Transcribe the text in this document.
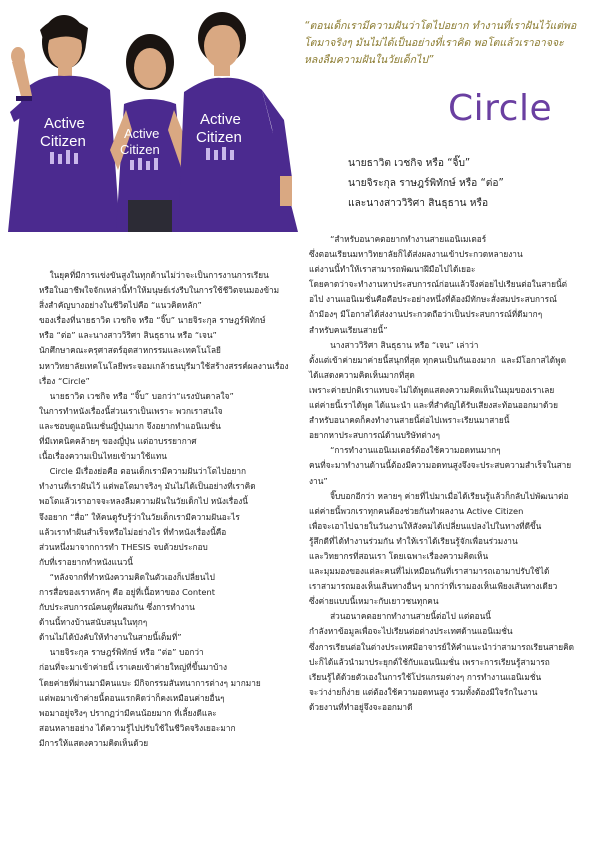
Active
Citizen	Active
Citizen
Active
Citizen
“ตอนเด็กเรามีความฝันว่าโตไปอยาก ทำงานที่เราฝันไว้แต่พอโตมาจริงๆ มันไม่ได้เป็นอย่างที่เราคิด พอโตแล้วเราอาจจะหลงลืมความฝันในวัยเด็กไป”
Circle
นายธาวิต เวชกิจ หรือ “จิ๊บ”
นายจิระกุล ราษฎร์พิทักษ์ หรือ “ต่อ”
และนางสาววิริศา สินธุธาน หรือ
ในยุคที่มีการแข่งขันสูงในทุกด้านไม่ว่าจะเป็นการงานการเรียน
หรือในอาชีพใจจักเหล่านี้ทำให้มนุษย์เร่งรีบในการใช้ชีวิตจนมองข้าม
สิ่งสำคัญบางอย่างในชีวิตไปคือ “แนวคิดหลัก”
ของเรื่องที่นายธาวิต เวชกิจ หรือ “จิ๊บ” นายจิระกุล ราษฎร์พิทักษ์
หรือ “ต่อ” และนางสาววิริศา สินธุธาน หรือ “เจน”
นักศึกษาคณะครุศาสตร์อุตสาหกรรมและเทคโนโลยี
มหาวิทยาลัยเทคโนโลยีพระจอมเกล้าธนบุรีมาใช้สร้างสรรค์ผลงานเรื่อง
เรื่อง “Circle”
นายธาวิต เวชกิจ หรือ “จิ๊บ” บอกว่า“แรงบันดาลใจ”
ในการทำหนังเรื่องนี้ส่วนเราเป็นเพราะ พวกเราสนใจ
และชอบดูแอนิเมชั่นญี่ปุ่นมาก จึงอยากทำแอนิเมชั่น
ที่มีเทคนิคคล้ายๆ ของญี่ปุ่น แต่อาบรรยากาศ
เนื้อเรื่องความเป็นไทยเข้ามาใช้แทน
Circle มีเรื่องย่อคือ ตอนเด็กเรามีความฝันว่าโตไปอยาก
ทำงานที่เราฝันไว้ แต่พอโตมาจริงๆ มันไม่ได้เป็นอย่างที่เราคิด
พอโตแล้วเราอาจจะหลงลืมความฝันในวัยเด็กไป หนังเรื่องนี้
จึงอยาก “สื่อ” ให้คนดูรับรู้ว่าในวัยเด็กเรามีความฝันอะไร
แล้วเราทำฝันสำเร็จหรือไม่อย่างไร ที่ทำหนังเรื่องนี้คือ
ส่วนหนึ่งมาจากการทำ THESIS จบด้วยประกอบ
กับที่เราอยากทำหนังแนวนี้
“หลังจากที่ทำหนังความคิดในตัวเองก็เปลี่ยนไป
การสื่อของเราหลักๆ คือ อยู่ที่เนื้อหาของ Content
กับประสบการณ์คนดูที่ผสมกัน ซึ่งการทำงาน
ด้านนี้ทางบ้านสนับสนุนในทุกๆ
ด้านไม่ได้บังคับให้ทำงานในสายนี้เต็มที่”
นายจิระกุล ราษฎร์พิทักษ์ หรือ “ต่อ” บอกว่า
ก่อนที่จะมาเข้าค่ายนี้ เราเคยเข้าค่ายใหญ่ที่ขึ้นมาบ้าง
โดยค่ายที่ผ่านมามีคนแบะ มีกิจกรรมสันทนาการต่างๆ มากมาย
แต่พอมาเข้าค่ายนี้ตอนแรกคิดว่าก็คงเหมือนค่ายอื่นๆ
พอมาอยู่จริงๆ ปรากฏว่ามีคนน้อยมาก ที่เลี้ยงดีและ
สอนหลายอย่าง ได้ความรู้ไปปรับใช้ในชีวิตจริงเยอะมาก
มีการให้แสดงความคิดเห็นด้วย
“สำหรับอนาคตอยากทำงานสายแอนิเมเตอร์
ซึ่งตอนเรียนมหาวิทยาลัยก็ได้ส่งผลงานเข้าประกวดหลายงาน
แต่งานนี้ทำให้เราสามารถพัฒนาฝีมือไปได้เยอะ
โดยคาดว่าจะทำงานหาประสบการณ์ก่อนแล้วจึงค่อยไปเรียนต่อในสายนี้ต่
อไป งานแอนิเมชั่นคือคือประอย่างหนึ่งที่ต้องมีทักษะสั่งสมประสบการณ์
ถ้ามีองๆ มีโอกาสได้ส่งงานประกวดถือว่าเป็นประสบการณ์ที่ดีมากๆ
สำหรับคนเรียนสายนี้”
นางสาววิริศา สินธุธาน หรือ “เจน” เล่าว่า
ตั้งแต่เข้าค่ายมาค่ายนี้สนุกที่สุด ทุกคนเป็นกันเองมาก  และมีโอกาสได้พูด
ได้แสดงความคิดเห็นมากที่สุด
เพราะค่ายปกติเราแทบจะไม่ได้พูดแสดงความคิดเห็นในมุมของเราเลย
แต่ค่ายนี้เราได้พูด ได้แนะนำ และที่สำคัญได้รับเสียงสะท้อนออกมาด้วย
สำหรับอนาคตก็คงทำงานสายนี้ต่อไปเพราะเรียนมาสายนี้
อยากหาประสบการณ์ด้านบริษัทต่างๆ
“การทำงานแอนิเมเตอร์ต้องใช้ความอดทนมากๆ
คนที่จะมาทำงานด้านนี้ต้องมีความอดทนสูงจึงจะประสบความสำเร็จในสาย
งาน”
จิ๊บบอกอีกว่า หลายๆ ค่ายที่ไปมาเมื่อได้เรียนรู้แล้วก็กลับไปพัฒนาต่อ
แต่ค่ายนี้พวกเราทุกคนต้องช่วยกันทำผลงาน Active Citizen
เพื่อจะเอาไปฉายในวันงานให้สังคมได้เปลี่ยนแปลงไปในทางที่ดีขึ้น
รู้สึกดีที่ได้ทำงานร่วมกัน ทำให้เราได้เรียนรู้จักเพื่อนร่วมงาน
และวิทยากรที่สอนเรา โดยเฉพาะเรื่องความคิดเห็น
และมุมมองของแต่ละคนที่ไม่เหมือนกันที่เราสามารถเอามาปรับใช้ได้
เราสามารถมองเห็นเส้นทางอื่นๆ มากว่าที่เรามองเห็นเพียงเส้นทางเดียว
ซึ่งค่ายแบบนี้เหมาะกับเยาวชนทุกคน
ส่วนอนาคตอยากทำงานสายนี้ต่อไป แต่ตอนนี้
กำลังหาข้อมูลเพื่อจะไปเรียนต่อต่างประเทศด้านแอนิเมชั่น
ซึ่งการเรียนต่อในต่างประเทศมีอาจารย์ให้คำแนะนำว่าสามารถเรียนสายคิด
ปะก็ได้แล้วนำมาประยุกต์ใช้กับแอนนิเมชั่น เพราะการเรียนรู้สามารถ
เรียนรู้ได้ด้วยตัวเองในการใช้โปรแกรมต่างๆ การทำงานแอนิเมชั่น
จะว่าง่ายก็ง่าย แต่ต้องใช้ความอดทนสูง รวมทั้งต้องมีใจรักในงาน
ด้วยงานที่ทำอยู่จึงจะออกมาดี
